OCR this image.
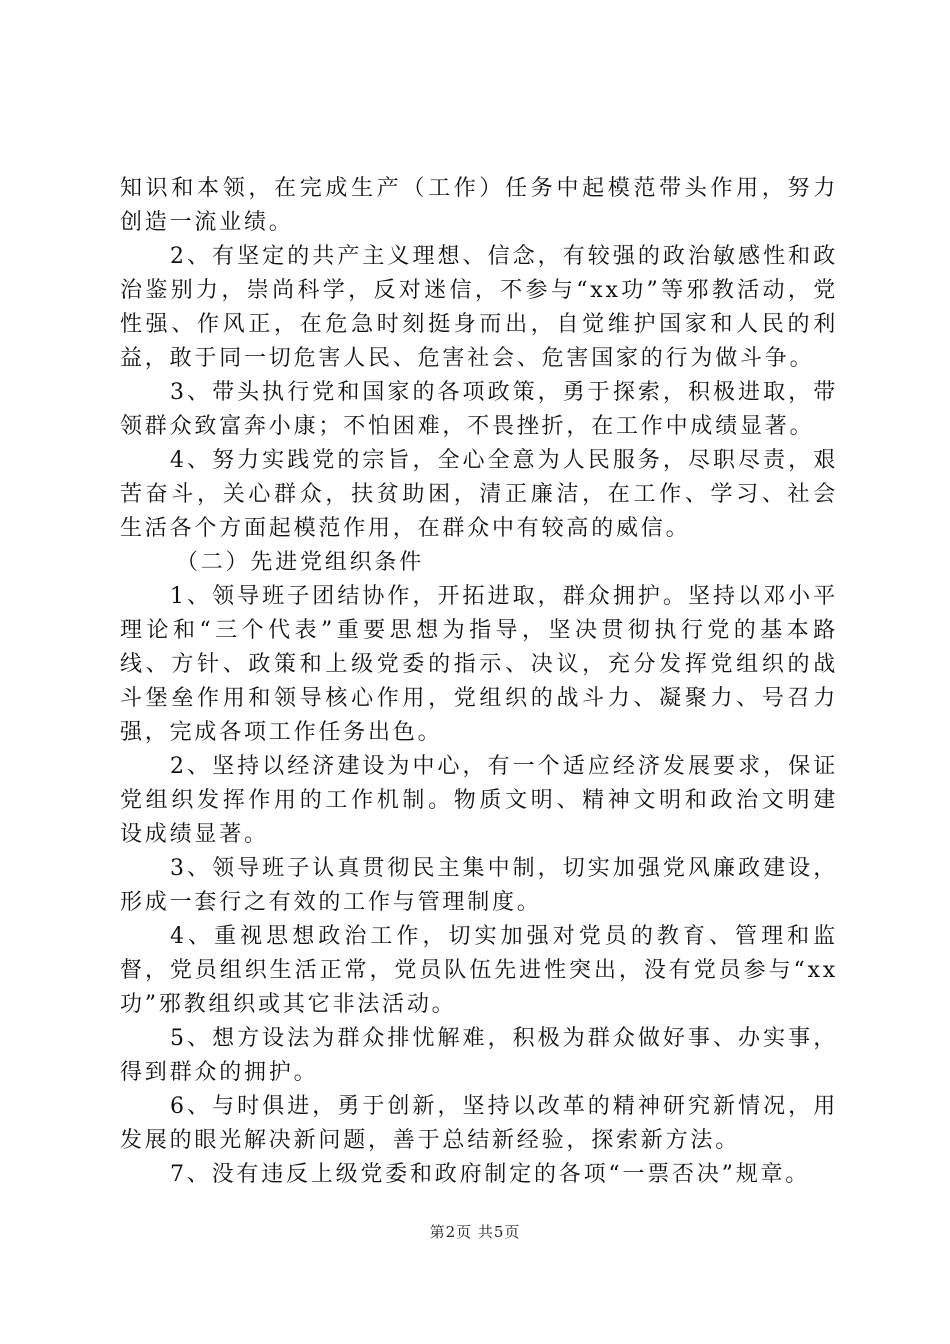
知识和本领，在完成生产（工作）任务中起模范带头作用，努力创造一流业绩。

2、有坚定的共产主义理想、信念，有较强的政治敏感性和政治鉴别力，崇尚科学，反对迷信，不参与“xx功”等邪教活动，党性强、作风正，在危急时刻挺身而出，自觉维护国家和人民的利益，敢于同一切危害人民、危害社会、危害国家的行为做斗争。

3、带头执行党和国家的各项政策，勇于探索，积极进取，带领群众致富奔小康；不怕困难，不畏挫折，在工作中成绩显著。

4、努力实践党的宗旨，全心全意为人民服务，尽职尽责，艰苦奋斗，关心群众，扶贫助困，清正廉洁，在工作、学习、社会生活各个方面起模范作用，在群众中有较高的威信。

（二）先进党组织条件

1、领导班子团结协作，开拓进取，群众拥护。坚持以邓小平理论和“三个代表”重要思想为指导，坚决贯彻执行党的基本路线、方针、政策和上级党委的指示、决议，充分发挥党组织的战斗堡垒作用和领导核心作用，党组织的战斗力、凝聚力、号召力强，完成各项工作任务出色。

2、坚持以经济建设为中心，有一个适应经济发展要求，保证党组织发挥作用的工作机制。物质文明、精神文明和政治文明建设成绩显著。

3、领导班子认真贯彻民主集中制，切实加强党风廉政建设，形成一套行之有效的工作与管理制度。

4、重视思想政治工作，切实加强对党员的教育、管理和监督，党员组织生活正常，党员队伍先进性突出，没有党员参与“xx功”邪教组织或其它非法活动。

5、想方设法为群众排忧解难，积极为群众做好事、办实事，得到群众的拥护。

6、与时俱进，勇于创新，坚持以改革的精神研究新情况，用发展的眼光解决新问题，善于总结新经验，探索新方法。

7、没有违反上级党委和政府制定的各项“一票否决”规章。

第2页 共5页
